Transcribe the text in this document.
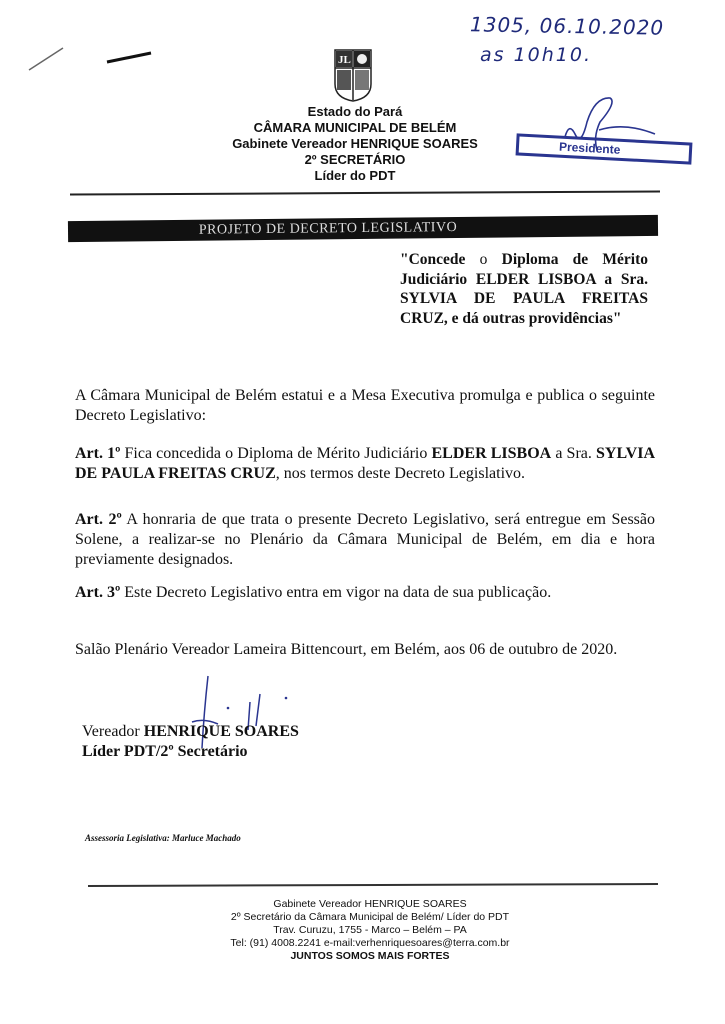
1305, 06.10.2020
as 10h10.
JL
Estado do Pará
CÂMARA MUNICIPAL DE BELÉM
Gabinete Vereador HENRIQUE SOARES
2º SECRETÁRIO
Líder do PDT
Presidente
PROJETO DE DECRETO LEGISLATIVO
"Concede o Diploma de Mérito Judiciário ELDER LISBOA a Sra. SYLVIA DE PAULA FREITAS CRUZ, e dá outras providências"
A Câmara Municipal de Belém estatui e a Mesa Executiva promulga e publica o seguinte Decreto Legislativo:
Art. 1º Fica concedida o Diploma de Mérito Judiciário ELDER LISBOA a Sra. SYLVIA DE PAULA FREITAS CRUZ, nos termos deste Decreto Legislativo.
Art. 2º A honraria de que trata o presente Decreto Legislativo, será entregue em Sessão Solene, a realizar-se no Plenário da Câmara Municipal de Belém, em dia e hora previamente designados.
Art. 3º Este Decreto Legislativo entra em vigor na data de sua publicação.
Salão Plenário Vereador Lameira Bittencourt, em Belém, aos 06 de outubro de 2020.
Vereador HENRIQUE SOARES
Líder PDT/2º Secretário
Assessoria Legislativa: Marluce Machado
Gabinete Vereador HENRIQUE SOARES
2º Secretário da Câmara Municipal de Belém/ Líder do PDT
Trav. Curuzu, 1755 - Marco – Belém – PA
Tel: (91) 4008.2241 e-mail:verhenriquesoares@terra.com.br
JUNTOS SOMOS MAIS FORTES
